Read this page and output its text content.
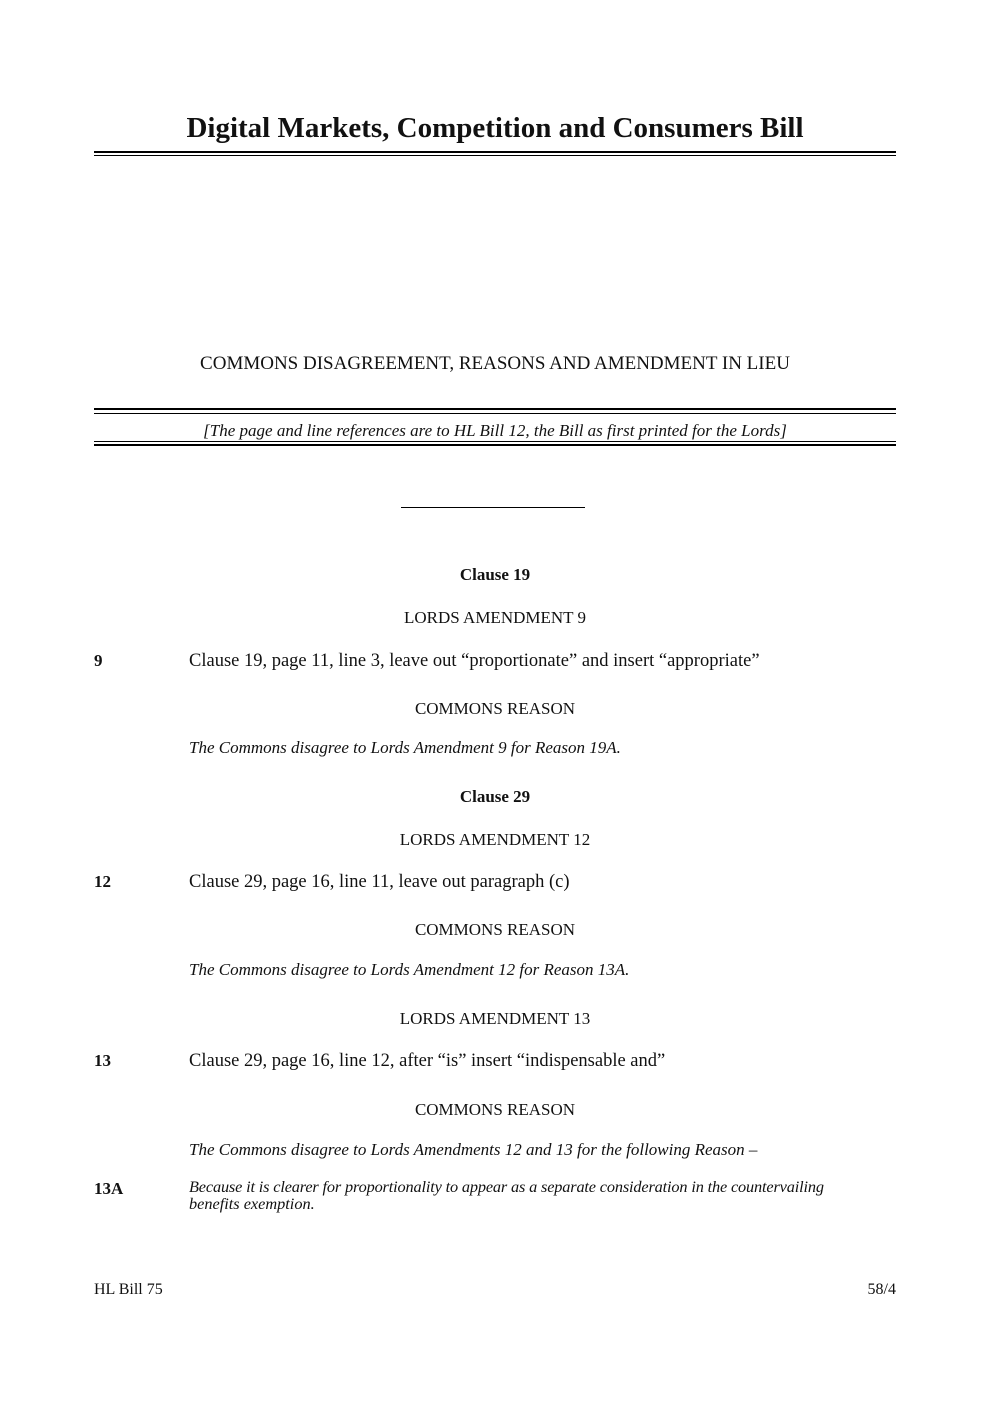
Digital Markets, Competition and Consumers Bill
COMMONS DISAGREEMENT, REASONS AND AMENDMENT IN LIEU
[The page and line references are to HL Bill 12, the Bill as first printed for the Lords]
Clause 19
LORDS AMENDMENT 9
9	Clause 19, page 11, line 3, leave out “proportionate” and insert “appropriate”
COMMONS REASON
The Commons disagree to Lords Amendment 9 for Reason 19A.
Clause 29
LORDS AMENDMENT 12
12	Clause 29, page 16, line 11, leave out paragraph (c)
COMMONS REASON
The Commons disagree to Lords Amendment 12 for Reason 13A.
LORDS AMENDMENT 13
13	Clause 29, page 16, line 12, after “is” insert “indispensable and”
COMMONS REASON
The Commons disagree to Lords Amendments 12 and 13 for the following Reason –
13A	Because it is clearer for proportionality to appear as a separate consideration in the countervailing
benefits exemption.
HL Bill 75	58/4
